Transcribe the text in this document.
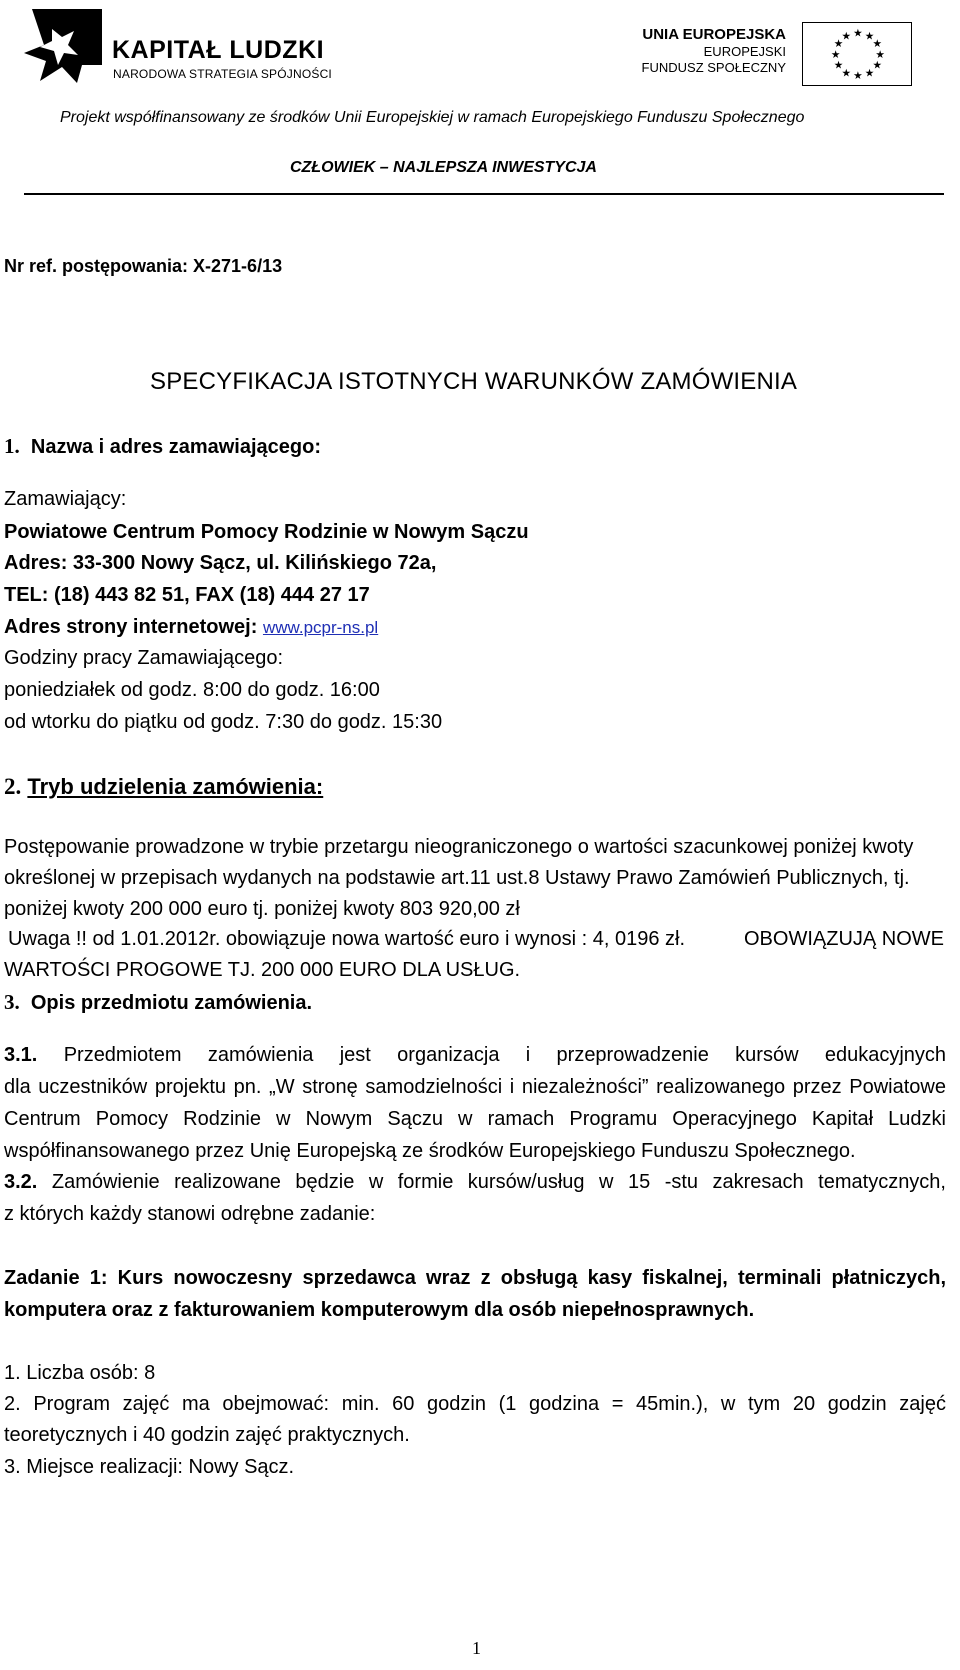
KAPITAŁ LUDZKI
NARODOWA STRATEGIA SPÓJNOŚCI
UNIA EUROPEJSKA
EUROPEJSKI
FUNDUSZ SPOŁECZNY
★ ★
★
★
★
★
★
★
★
★
★
★
Projekt współfinansowany ze środków Unii Europejskiej w ramach Europejskiego Funduszu Społecznego
CZŁOWIEK – NAJLEPSZA INWESTYCJA
Nr ref. postępowania: X-271-6/13
SPECYFIKACJA ISTOTNYCH WARUNKÓW ZAMÓWIENIA
1. Nazwa i adres zamawiającego:
Zamawiający:
Powiatowe Centrum Pomocy Rodzinie w Nowym Sączu
Adres: 33-300 Nowy Sącz, ul. Kilińskiego 72a,
TEL: (18) 443 82 51, FAX (18) 444 27 17
Adres strony internetowej: www.pcpr-ns.pl
Godziny pracy Zamawiającego:
poniedziałek od godz. 8:00 do godz. 16:00
od wtorku do piątku od godz. 7:30 do godz. 15:30
2. Tryb udzielenia zamówienia:
Postępowanie prowadzone w trybie przetargu nieograniczonego o wartości szacunkowej poniżej kwoty
określonej w przepisach wydanych na podstawie art.11 ust.8 Ustawy Prawo Zamówień Publicznych, tj.
poniżej kwoty 200 000 euro tj. poniżej kwoty 803 920,00 zł
Uwaga !! od 1.01.2012r. obowiązuje nowa wartość euro i wynosi : 4, 0196 zł.	OBOWIĄZUJĄ NOWE
WARTOŚCI PROGOWE TJ. 200 000 EURO DLA USŁUG.
3. Opis przedmiotu zamówienia.
3.1. Przedmiotem zamówienia jest organizacja i przeprowadzenie kursów edukacyjnych
dla uczestników projektu pn. „W stronę samodzielności i niezależności” realizowanego przez Powiatowe
Centrum Pomocy Rodzinie w Nowym Sączu w ramach Programu Operacyjnego Kapitał Ludzki
współfinansowanego przez Unię Europejską ze środków Europejskiego Funduszu Społecznego.
3.2. Zamówienie realizowane będzie w formie kursów/usług w 15 -stu zakresach tematycznych,
z których każdy stanowi odrębne zadanie:
Zadanie 1: Kurs nowoczesny sprzedawca wraz z obsługą kasy fiskalnej, terminali płatniczych,
komputera oraz z fakturowaniem komputerowym dla osób niepełnosprawnych.
1. Liczba osób: 8
2. Program zajęć ma obejmować: min. 60 godzin (1 godzina = 45min.), w tym 20 godzin zajęć
teoretycznych i 40 godzin zajęć praktycznych.
3. Miejsce realizacji: Nowy Sącz.
1
